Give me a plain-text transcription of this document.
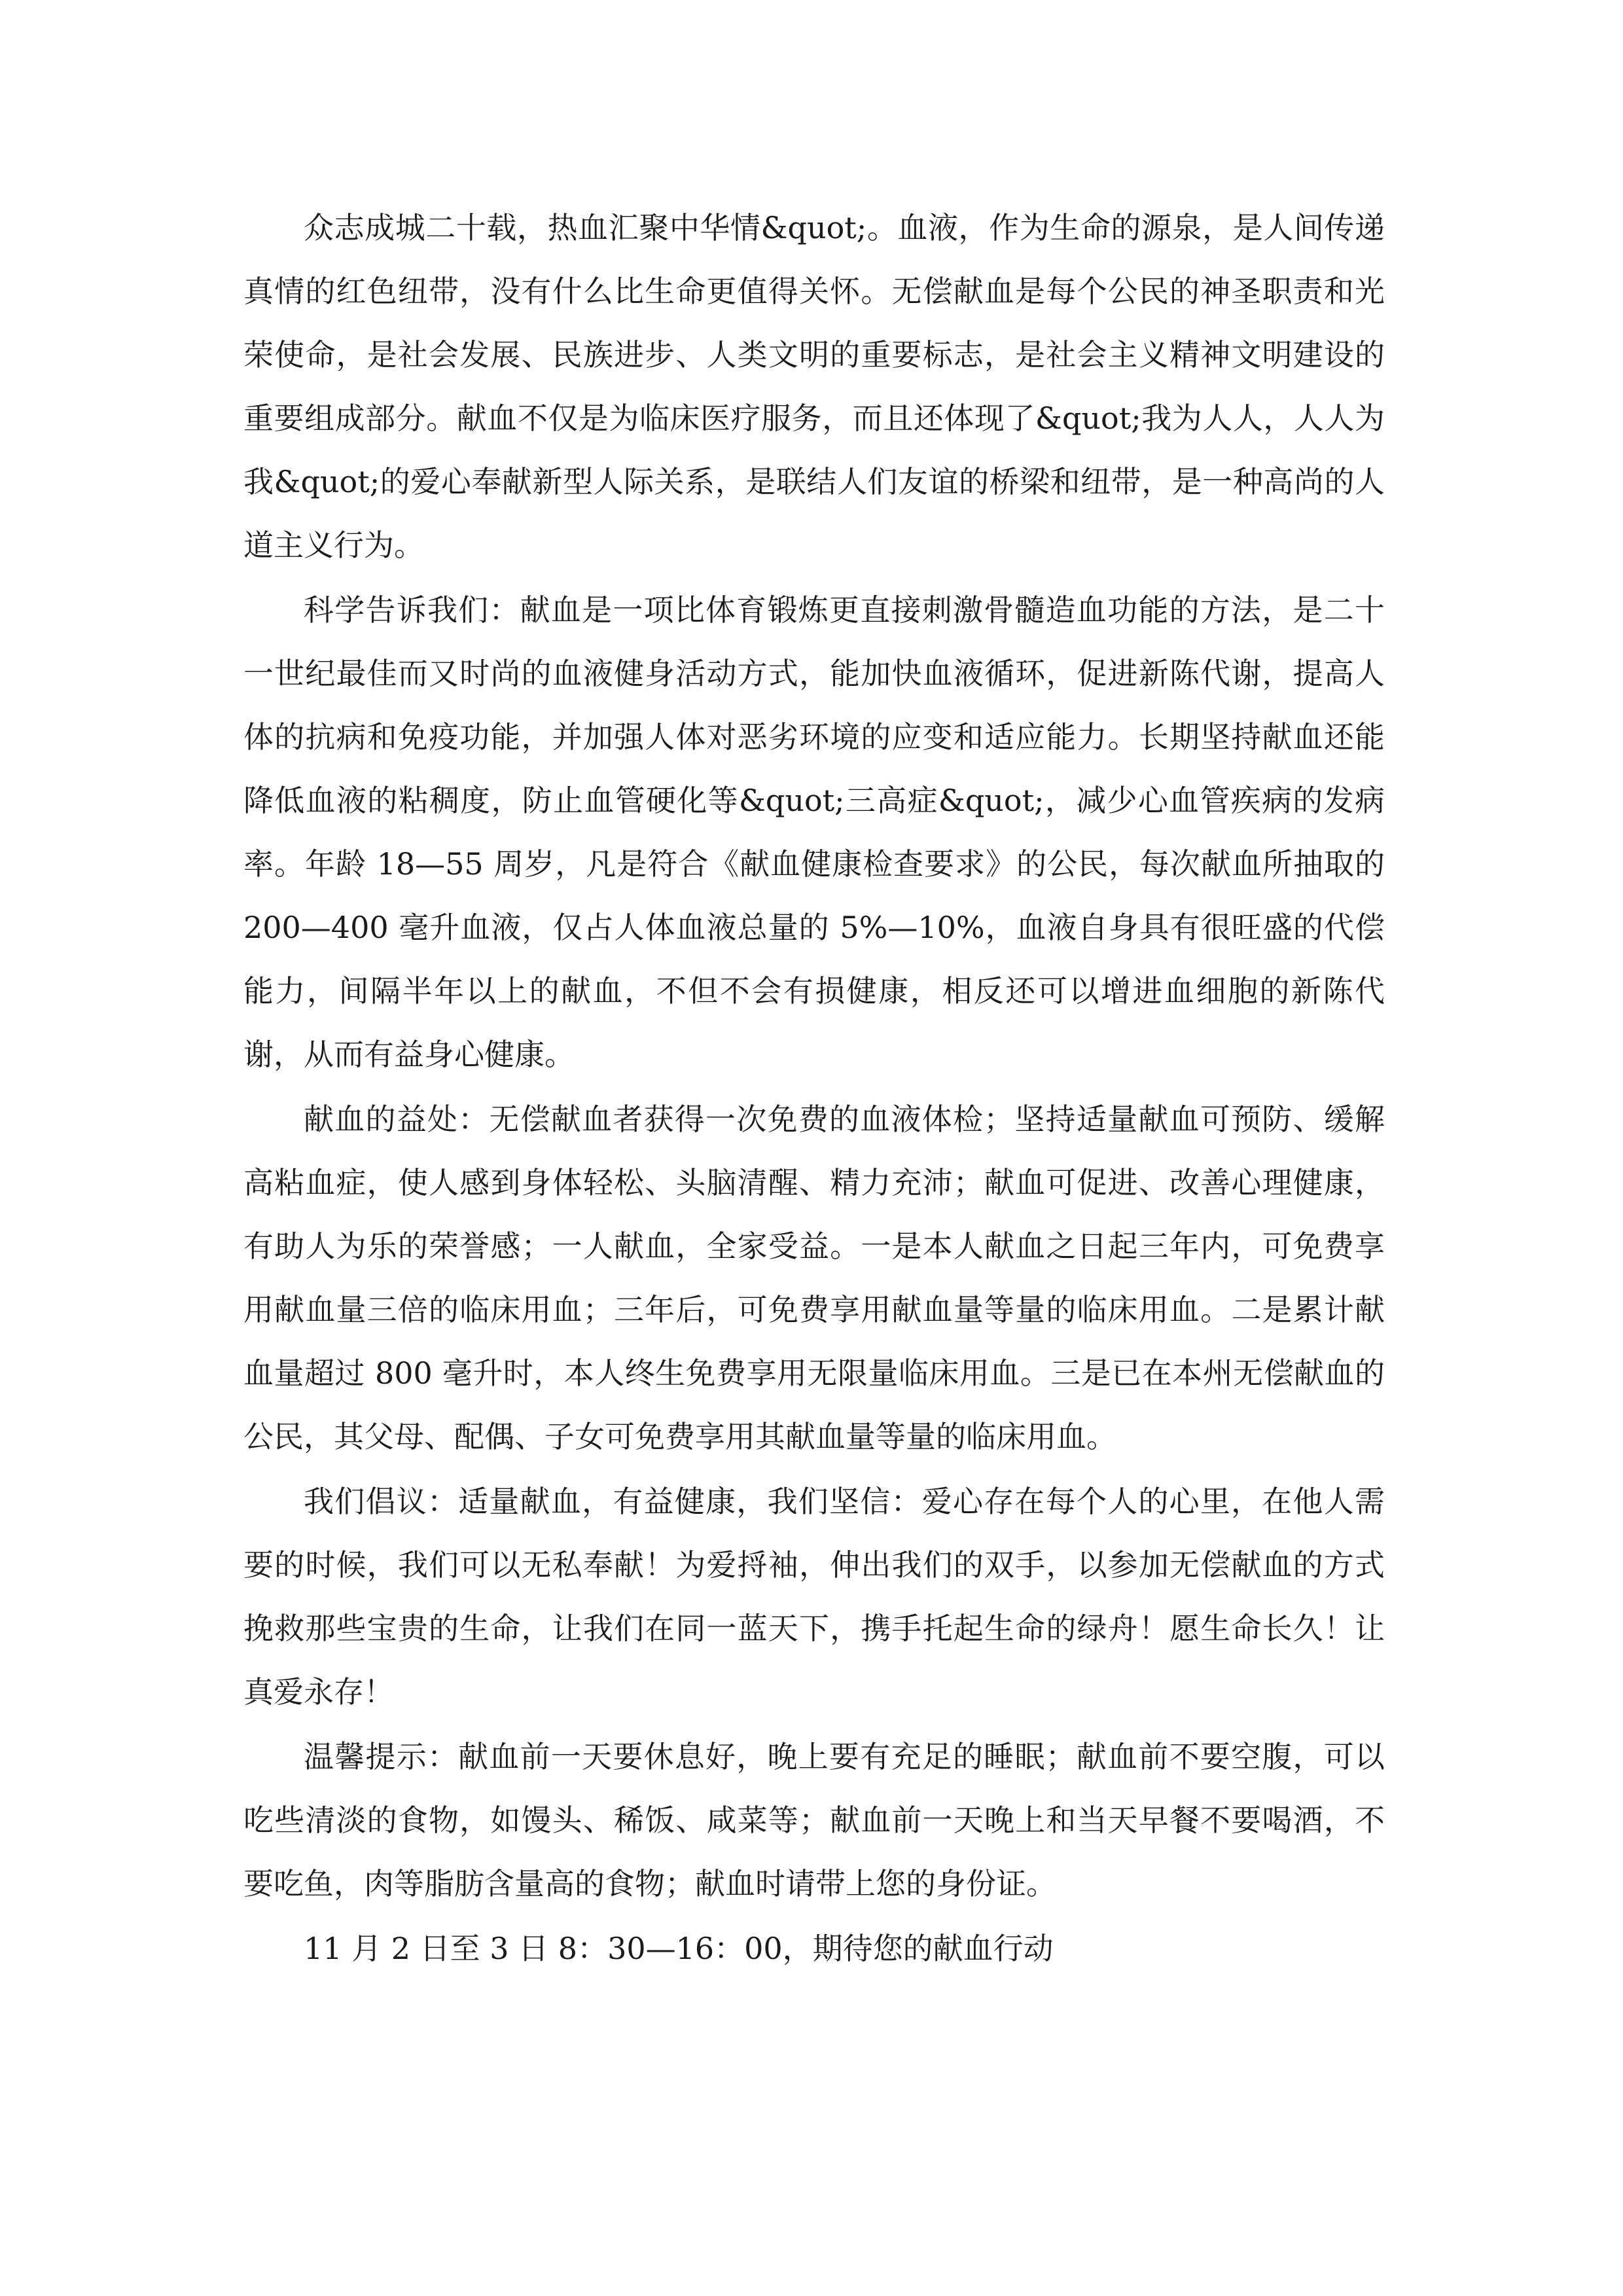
众志成城二十载，热血汇聚中华情&quot;。血液，作为生命的源泉，是人间传递真情的红色纽带，没有什么比生命更值得关怀。无偿献血是每个公民的神圣职责和光荣使命，是社会发展、民族进步、人类文明的重要标志，是社会主义精神文明建设的重要组成部分。献血不仅是为临床医疗服务，而且还体现了&quot;我为人人，人人为我&quot;的爱心奉献新型人际关系，是联结人们友谊的桥梁和纽带，是一种高尚的人道主义行为。

科学告诉我们：献血是一项比体育锻炼更直接刺激骨髓造血功能的方法，是二十一世纪最佳而又时尚的血液健身活动方式，能加快血液循环，促进新陈代谢，提高人体的抗病和免疫功能，并加强人体对恶劣环境的应变和适应能力。长期坚持献血还能降低血液的粘稠度，防止血管硬化等&quot;三高症&quot;，减少心血管疾病的发病率。年龄 18—55 周岁，凡是符合《献血健康检查要求》的公民，每次献血所抽取的 200—400 毫升血液，仅占人体血液总量的 5%—10%，血液自身具有很旺盛的代偿能力，间隔半年以上的献血，不但不会有损健康，相反还可以增进血细胞的新陈代谢，从而有益身心健康。

献血的益处：无偿献血者获得一次免费的血液体检；坚持适量献血可预防、缓解高粘血症，使人感到身体轻松、头脑清醒、精力充沛；献血可促进、改善心理健康，有助人为乐的荣誉感；一人献血，全家受益。一是本人献血之日起三年内，可免费享用献血量三倍的临床用血；三年后，可免费享用献血量等量的临床用血。二是累计献血量超过 800 毫升时，本人终生免费享用无限量临床用血。三是已在本州无偿献血的公民，其父母、配偶、子女可免费享用其献血量等量的临床用血。

我们倡议：适量献血，有益健康，我们坚信：爱心存在每个人的心里，在他人需要的时候，我们可以无私奉献！为爱捋袖，伸出我们的双手，以参加无偿献血的方式挽救那些宝贵的生命，让我们在同一蓝天下，携手托起生命的绿舟！愿生命长久！让真爱永存！

温馨提示：献血前一天要休息好，晚上要有充足的睡眠；献血前不要空腹，可以吃些清淡的食物，如馒头、稀饭、咸菜等；献血前一天晚上和当天早餐不要喝酒，不要吃鱼，肉等脂肪含量高的食物；献血时请带上您的身份证。

11 月 2 日至 3 日 8：30—16：00，期待您的献血行动
